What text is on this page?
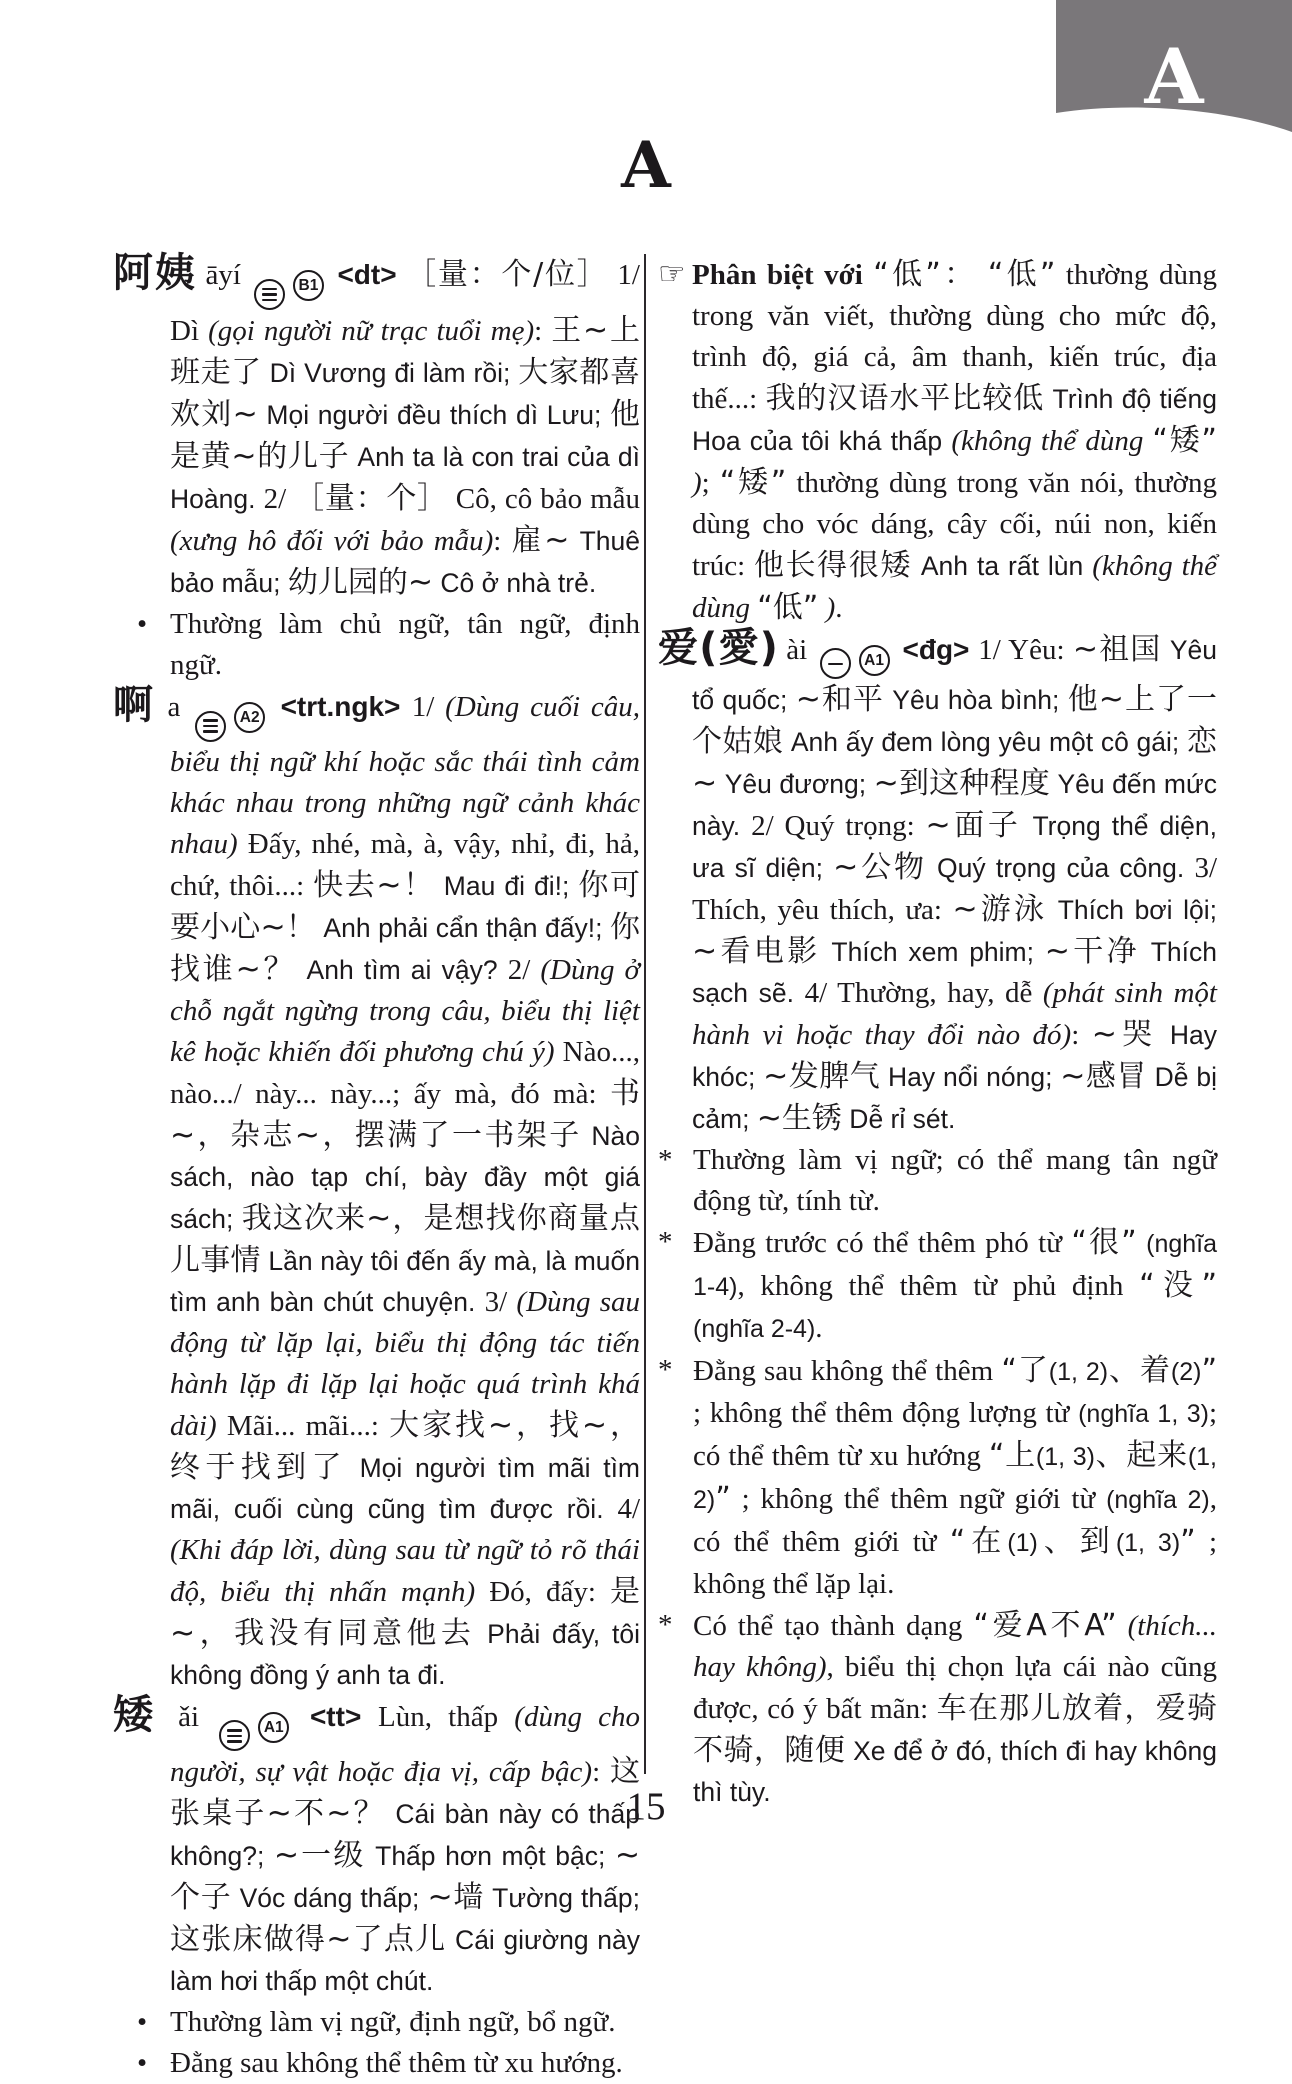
A
A
阿姨 āyí	B1 <dt> ［量：个/位］ 1/ Dì (gọi người nữ trạc tuổi mẹ): 王~上班走了 Dì Vương đi làm rồi; 大家都喜欢刘~ Mọi người đều thích dì Lưu; 他是黄~的儿子 Anh ta là con trai của dì Hoàng. 2/ ［量：个］ Cô, cô bảo mẫu (xưng hô đối với bảo mẫu): 雇~ Thuê bảo mẫu; 幼儿园的~ Cô ở nhà trẻ.
• Thường làm chủ ngữ, tân ngữ, định ngữ.
啊 a	A2 <trt.ngk> 1/ (Dùng cuối câu, biểu thị ngữ khí hoặc sắc thái tình cảm khác nhau trong những ngữ cảnh khác nhau) Đấy, nhé, mà, à, vậy, nhỉ, đi, hả, chứ, thôi...: 快去~！ Mau đi đi!; 你可要小心~！ Anh phải cẩn thận đấy!; 你找谁~？ Anh tìm ai vậy? 2/ (Dùng ở chỗ ngắt ngừng trong câu, biểu thị liệt kê hoặc khiến đối phương chú ý) Nào..., nào.../ này... này...; ấy mà, đó mà: 书~，杂志~，摆满了一书架子 Nào sách, nào tạp chí, bày đầy một giá sách; 我这次来~，是想找你商量点儿事情 Lần này tôi đến ấy mà, là muốn tìm anh bàn chút chuyện. 3/ (Dùng sau động từ lặp lại, biểu thị động tác tiến hành lặp đi lặp lại hoặc quá trình khá dài) Mãi... mãi...: 大家找~，找~，终于找到了 Mọi người tìm mãi tìm mãi, cuối cùng cũng tìm được rồi. 4/ (Khi đáp lời, dùng sau từ ngữ tỏ rõ thái độ, biểu thị nhấn mạnh) Đó, đấy: 是~，我没有同意他去 Phải đấy, tôi không đồng ý anh ta đi.
矮 ǎi	A1 <tt> Lùn, thấp (dùng cho người, sự vật hoặc địa vị, cấp bậc): 这张桌子~不~？ Cái bàn này có thấp không?; ~一级 Thấp hơn một bậc; ~个子 Vóc dáng thấp; ~墙 Tường thấp; 这张床做得~了点儿 Cái giường này làm hơi thấp một chút.
• Thường làm vị ngữ, định ngữ, bổ ngữ.
• Đằng sau không thể thêm từ xu hướng.
☞ Phân biệt với “低”： “低” thường dùng trong văn viết, thường dùng cho mức độ, trình độ, giá cả, âm thanh, kiến trúc, địa thế...: 我的汉语水平比较低 Trình độ tiếng Hoa của tôi khá thấp (không thể dùng “矮” ); “矮” thường dùng trong văn nói, thường dùng cho vóc dáng, cây cối, núi non, kiến trúc: 他长得很矮 Anh ta rất lùn (không thể dùng “低” ).
爱(愛) ài	A1 <đg> 1/ Yêu: ~祖国 Yêu tổ quốc; ~和平 Yêu hòa bình; 他~上了一个姑娘 Anh ấy đem lòng yêu một cô gái; 恋~ Yêu đương; ~到这种程度 Yêu đến mức này. 2/ Quý trọng: ~面子 Trọng thể diện, ưa sĩ diện; ~公物 Quý trọng của công. 3/ Thích, yêu thích, ưa: ~游泳 Thích bơi lội; ~看电影 Thích xem phim; ~干净 Thích sạch sẽ. 4/ Thường, hay, dễ (phát sinh một hành vi hoặc thay đổi nào đó): ~哭 Hay khóc; ~发脾气 Hay nổi nóng; ~感冒 Dễ bị cảm; ~生锈 Dễ rỉ sét.
* Thường làm vị ngữ; có thể mang tân ngữ động từ, tính từ.
* Đằng trước có thể thêm phó từ “很” (nghĩa 1-4), không thể thêm từ phủ định “没” (nghĩa 2-4).
* Đằng sau không thể thêm “了(1, 2)、着(2)” ; không thể thêm động lượng từ (nghĩa 1, 3); có thể thêm từ xu hướng “上(1, 3)、起来(1, 2)” ; không thể thêm ngữ giới từ (nghĩa 2), có thể thêm giới từ “在(1)、到(1, 3)” ; không thể lặp lại.
* Có thể tạo thành dạng “爱A不A” (thích... hay không), biểu thị chọn lựa cái nào cũng được, có ý bất mãn: 车在那儿放着，爱骑不骑，随便 Xe để ở đó, thích đi hay không thì tùy.
15
